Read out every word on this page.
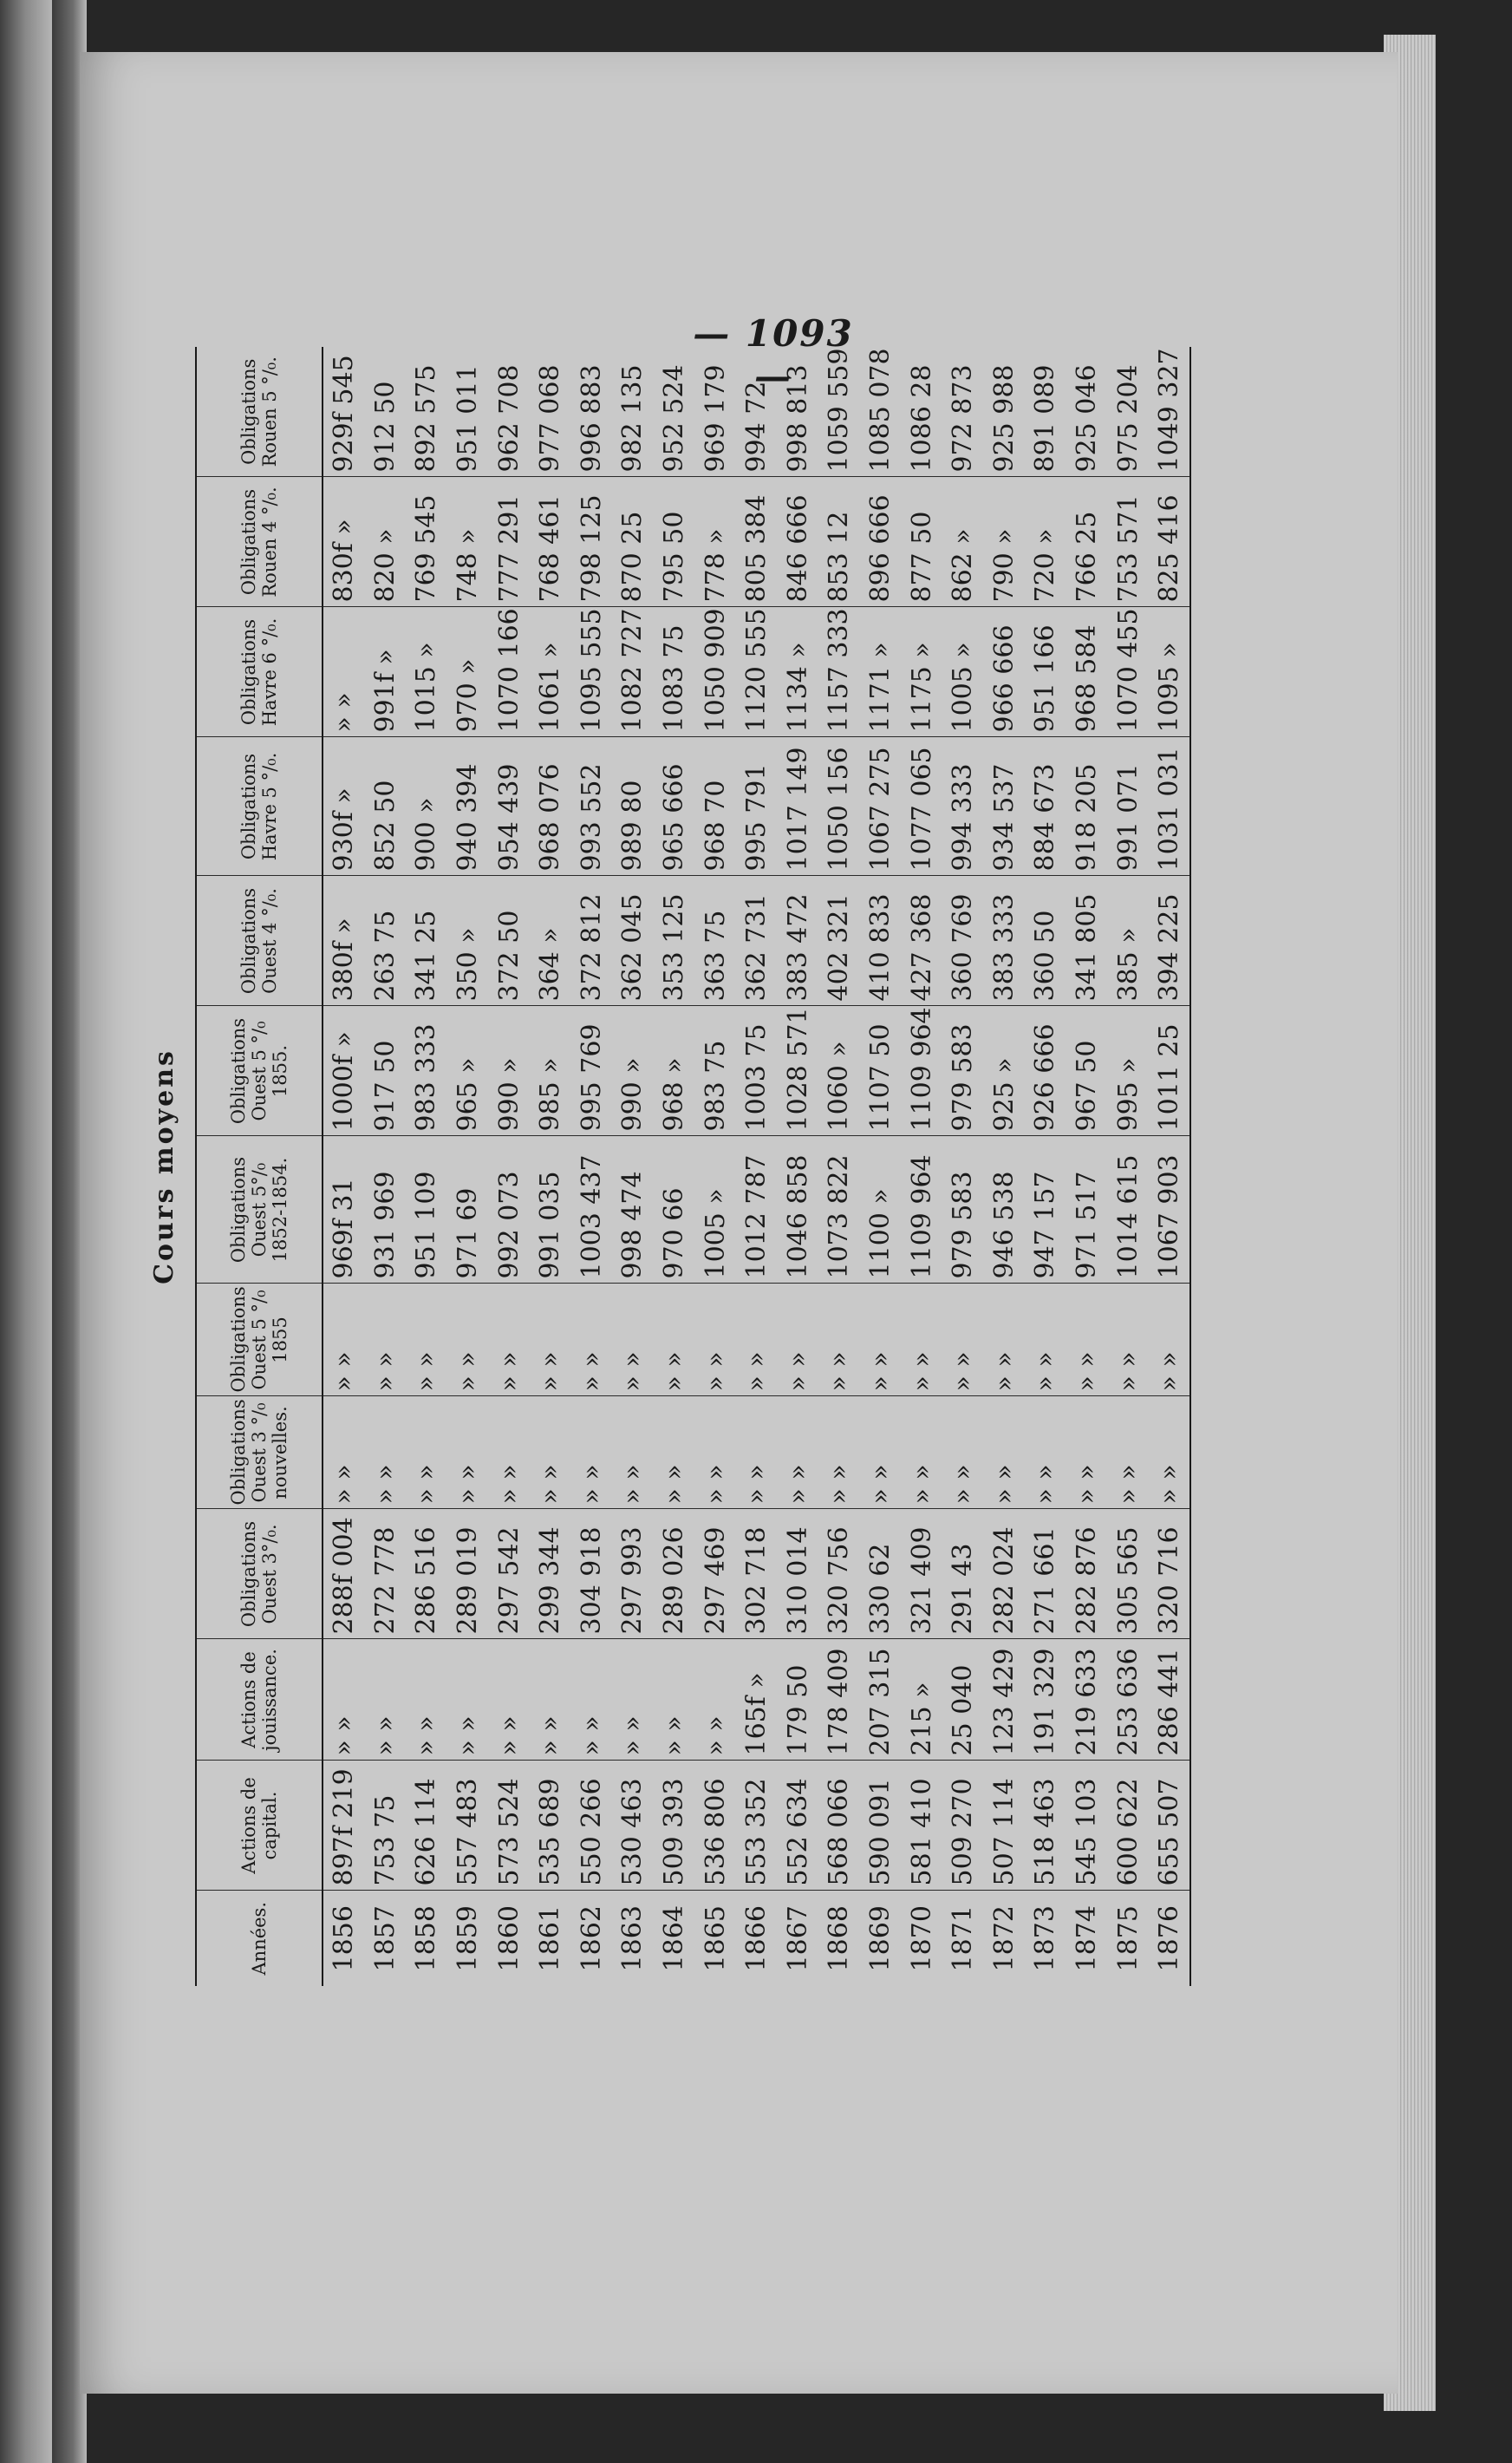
— 1093 —
Cours moyens
Années.	Actions de capital.	Actions de jouissance.	Obligations Ouest 3°/₀.	Obligations Ouest 3 °/₀ nouvelles.	Obligations Ouest 5 °/₀ 1855	Obligations Ouest 5°/₀ 1852-1854.	Obligations Ouest 5 °/₀ 1855.	Obligations Ouest 4 °/₀.	Obligations Havre 5 °/₀.	Obligations Havre 6 °/₀.	Obligations Rouen 4 °/₀.	Obligations Rouen 5 °/₀.
1856	897f 219	» »	288f 004	» »	» »	969f 31	1000f »	380f »	930f »	» »	830f »	929f 545
1857	753 75	» »	272 778	» »	» »	931 969	917 50	263 75	852 50	991f »	820 »	912 50
1858	626 114	» »	286 516	» »	» »	951 109	983 333	341 25	900 »	1015 »	769 545	892 575
1859	557 483	» »	289 019	» »	» »	971 69	965 »	350 »	940 394	970 »	748 »	951 011
1860	573 524	» »	297 542	» »	» »	992 073	990 »	372 50	954 439	1070 166	777 291	962 708
1861	535 689	» »	299 344	» »	» »	991 035	985 »	364 »	968 076	1061 »	768 461	977 068
1862	550 266	» »	304 918	» »	» »	1003 437	995 769	372 812	993 552	1095 555	798 125	996 883
1863	530 463	» »	297 993	» »	» »	998 474	990 »	362 045	989 80	1082 727	870 25	982 135
1864	509 393	» »	289 026	» »	» »	970 66	968 »	353 125	965 666	1083 75	795 50	952 524
1865	536 806	» »	297 469	» »	» »	1005 »	983 75	363 75	968 70	1050 909	778 »	969 179
1866	553 352	165f »	302 718	» »	» »	1012 787	1003 75	362 731	995 791	1120 555	805 384	994 72
1867	552 634	179 50	310 014	» »	» »	1046 858	1028 571	383 472	1017 149	1134 »	846 666	998 813
1868	568 066	178 409	320 756	» »	» »	1073 822	1060 »	402 321	1050 156	1157 333	853 12	1059 559
1869	590 091	207 315	330 62	» »	» »	1100 »	1107 50	410 833	1067 275	1171 »	896 666	1085 078
1870	581 410	215 »	321 409	» »	» »	1109 964	1109 964	427 368	1077 065	1175 »	877 50	1086 28
1871	509 270	25 040	291 43	» »	» »	979 583	979 583	360 769	994 333	1005 »	862 »	972 873
1872	507 114	123 429	282 024	» »	» »	946 538	925 »	383 333	934 537	966 666	790 »	925 988
1873	518 463	191 329	271 661	» »	» »	947 157	926 666	360 50	884 673	951 166	720 »	891 089
1874	545 103	219 633	282 876	» »	» »	971 517	967 50	341 805	918 205	968 584	766 25	925 046
1875	600 622	253 636	305 565	» »	» »	1014 615	995 »	385 »	991 071	1070 455	753 571	975 204
1876	655 507	286 441	320 716	» »	» »	1067 903	1011 25	394 225	1031 031	1095 »	825 416	1049 327
